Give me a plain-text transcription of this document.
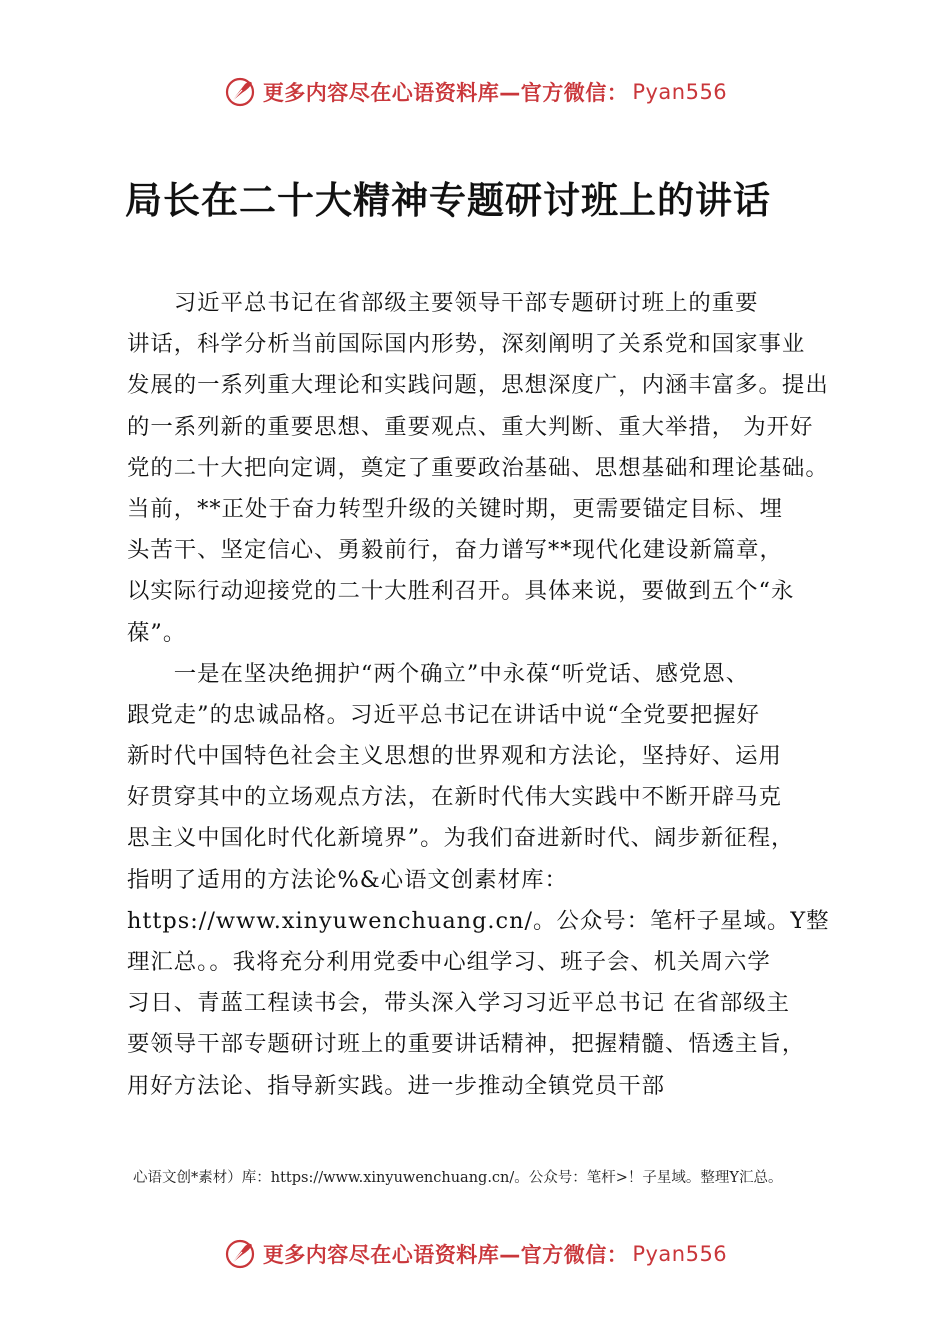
更多内容尽在心语资料库—官方微信： Pyan556
局长在二十大精神专题研讨班上的讲话
　　习近平总书记在省部级主要领导干部专题研讨班上的重要
讲话，科学分析当前国际国内形势，深刻阐明了关系党和国家事业
发展的一系列重大理论和实践问题，思想深度广，内涵丰富多。提出
的一系列新的重要思想、重要观点、重大判断、重大举措， 为开好
党的二十大把向定调，奠定了重要政治基础、思想基础和理论基础。
当前，**正处于奋力转型升级的关键时期，更需要锚定目标、埋
头苦干、坚定信心、勇毅前行，奋力谱写**现代化建设新篇章，
以实际行动迎接党的二十大胜利召开。具体来说，要做到五个“永
葆”。
　　一是在坚决绝拥护“两个确立”中永葆“听党话、感党恩、
跟党走”的忠诚品格。习近平总书记在讲话中说“全党要把握好
新时代中国特色社会主义思想的世界观和方法论，坚持好、运用
好贯穿其中的立场观点方法，在新时代伟大实践中不断开辟马克
思主义中国化时代化新境界”。为我们奋进新时代、阔步新征程，
指明了适用的方法论%&心语文创素材库：
https://www.xinyuwenchuang.cn/。公众号：笔杆子星域。Y整
理汇总。。我将充分利用党委中心组学习、班子会、机关周六学
习日、青蓝工程读书会，带头深入学习习近平总书记 在省部级主
要领导干部专题研讨班上的重要讲话精神，把握精髓、悟透主旨，
用好方法论、指导新实践。进一步推动全镇党员干部
心语文创*素材）库：https://www.xinyuwenchuang.cn/。公众号：笔杆>！子星域。整理Y汇总。
更多内容尽在心语资料库—官方微信： Pyan556
